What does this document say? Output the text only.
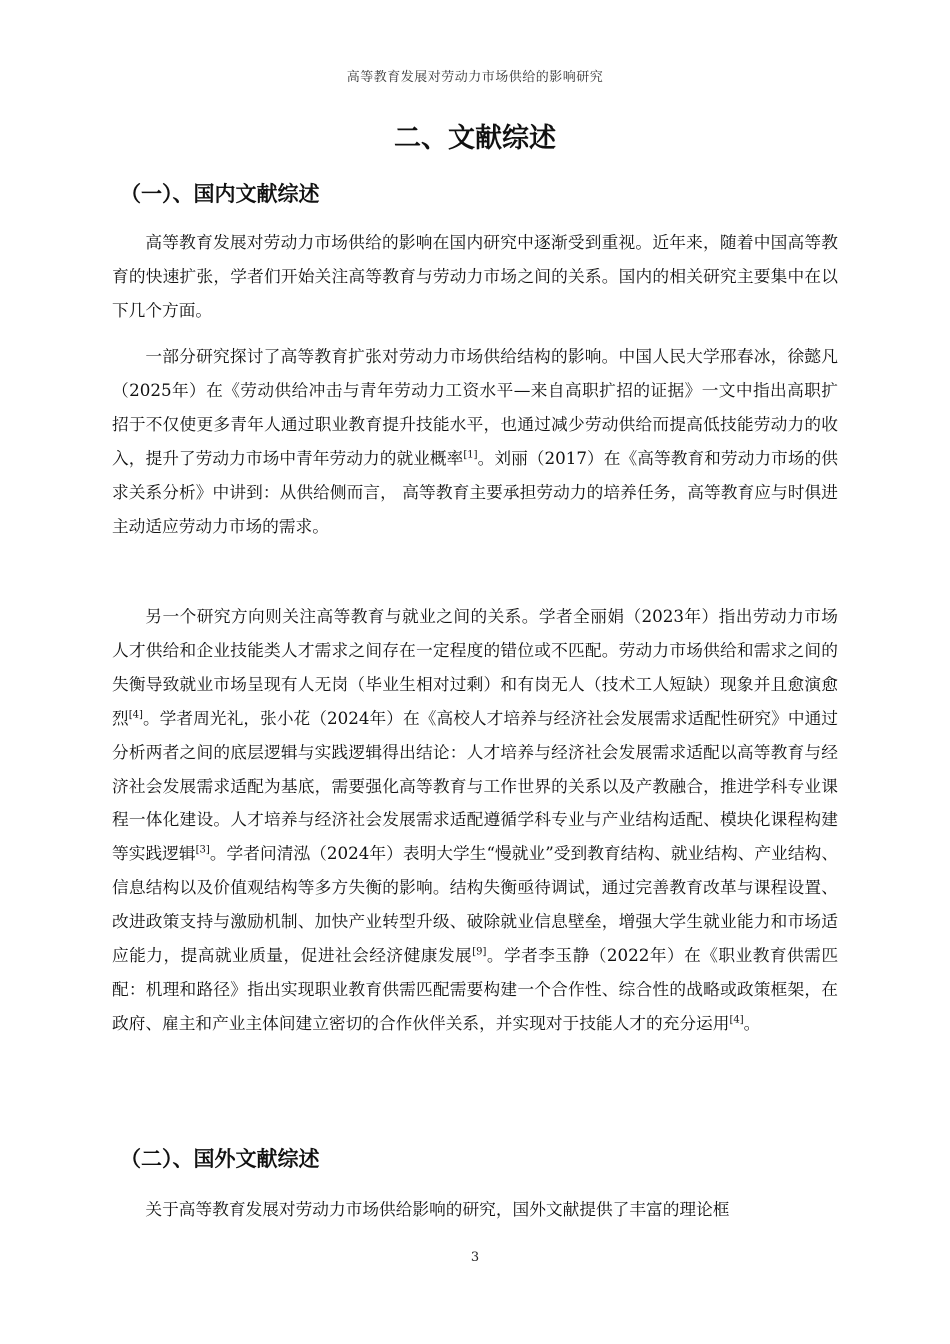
高等教育发展对劳动力市场供给的影响研究
二、文献综述
（一）、国内文献综述

高等教育发展对劳动力市场供给的影响在国内研究中逐渐受到重视。近年来，随着中国高等教育的快速扩张，学者们开始关注高等教育与劳动力市场之间的关系。国内的相关研究主要集中在以下几个方面。

一部分研究探讨了高等教育扩张对劳动力市场供给结构的影响。中国人民大学邢春冰，徐懿凡（2025年）在《劳动供给冲击与青年劳动力工资水平—来自高职扩招的证据》一文中指出高职扩招于不仅使更多青年人通过职业教育提升技能水平，也通过减少劳动供给而提高低技能劳动力的收入，提升了劳动力市场中青年劳动力的就业概率[1]。刘丽（2017）在《高等教育和劳动力市场的供求关系分析》中讲到：从供给侧而言， 高等教育主要承担劳动力的培养任务，高等教育应与时俱进主动适应劳动力市场的需求。

另一个研究方向则关注高等教育与就业之间的关系。学者全丽娟（2023年）指出劳动力市场人才供给和企业技能类人才需求之间存在一定程度的错位或不匹配。劳动力市场供给和需求之间的失衡导致就业市场呈现有人无岗（毕业生相对过剩）和有岗无人（技术工人短缺）现象并且愈演愈烈[4]。学者周光礼，张小花（2024年）在《高校人才培养与经济社会发展需求适配性研究》中通过分析两者之间的底层逻辑与实践逻辑得出结论：人才培养与经济社会发展需求适配以高等教育与经济社会发展需求适配为基底，需要强化高等教育与工作世界的关系以及产教融合，推进学科专业课程一体化建设。人才培养与经济社会发展需求适配遵循学科专业与产业结构适配、模块化课程构建等实践逻辑[3]。学者问清泓（2024年）表明大学生“慢就业”受到教育结构、就业结构、产业结构、信息结构以及价值观结构等多方失衡的影响。结构失衡亟待调试，通过完善教育改革与课程设置、改进政策支持与激励机制、加快产业转型升级、破除就业信息壁垒，增强大学生就业能力和市场适应能力，提高就业质量，促进社会经济健康发展[9]。学者李玉静（2022年）在《职业教育供需匹配：机理和路径》指出实现职业教育供需匹配需要构建一个合作性、综合性的战略或政策框架，在政府、雇主和产业主体间建立密切的合作伙伴关系，并实现对于技能人才的充分运用[4]。

（二）、国外文献综述

关于高等教育发展对劳动力市场供给影响的研究，国外文献提供了丰富的理论框

3
